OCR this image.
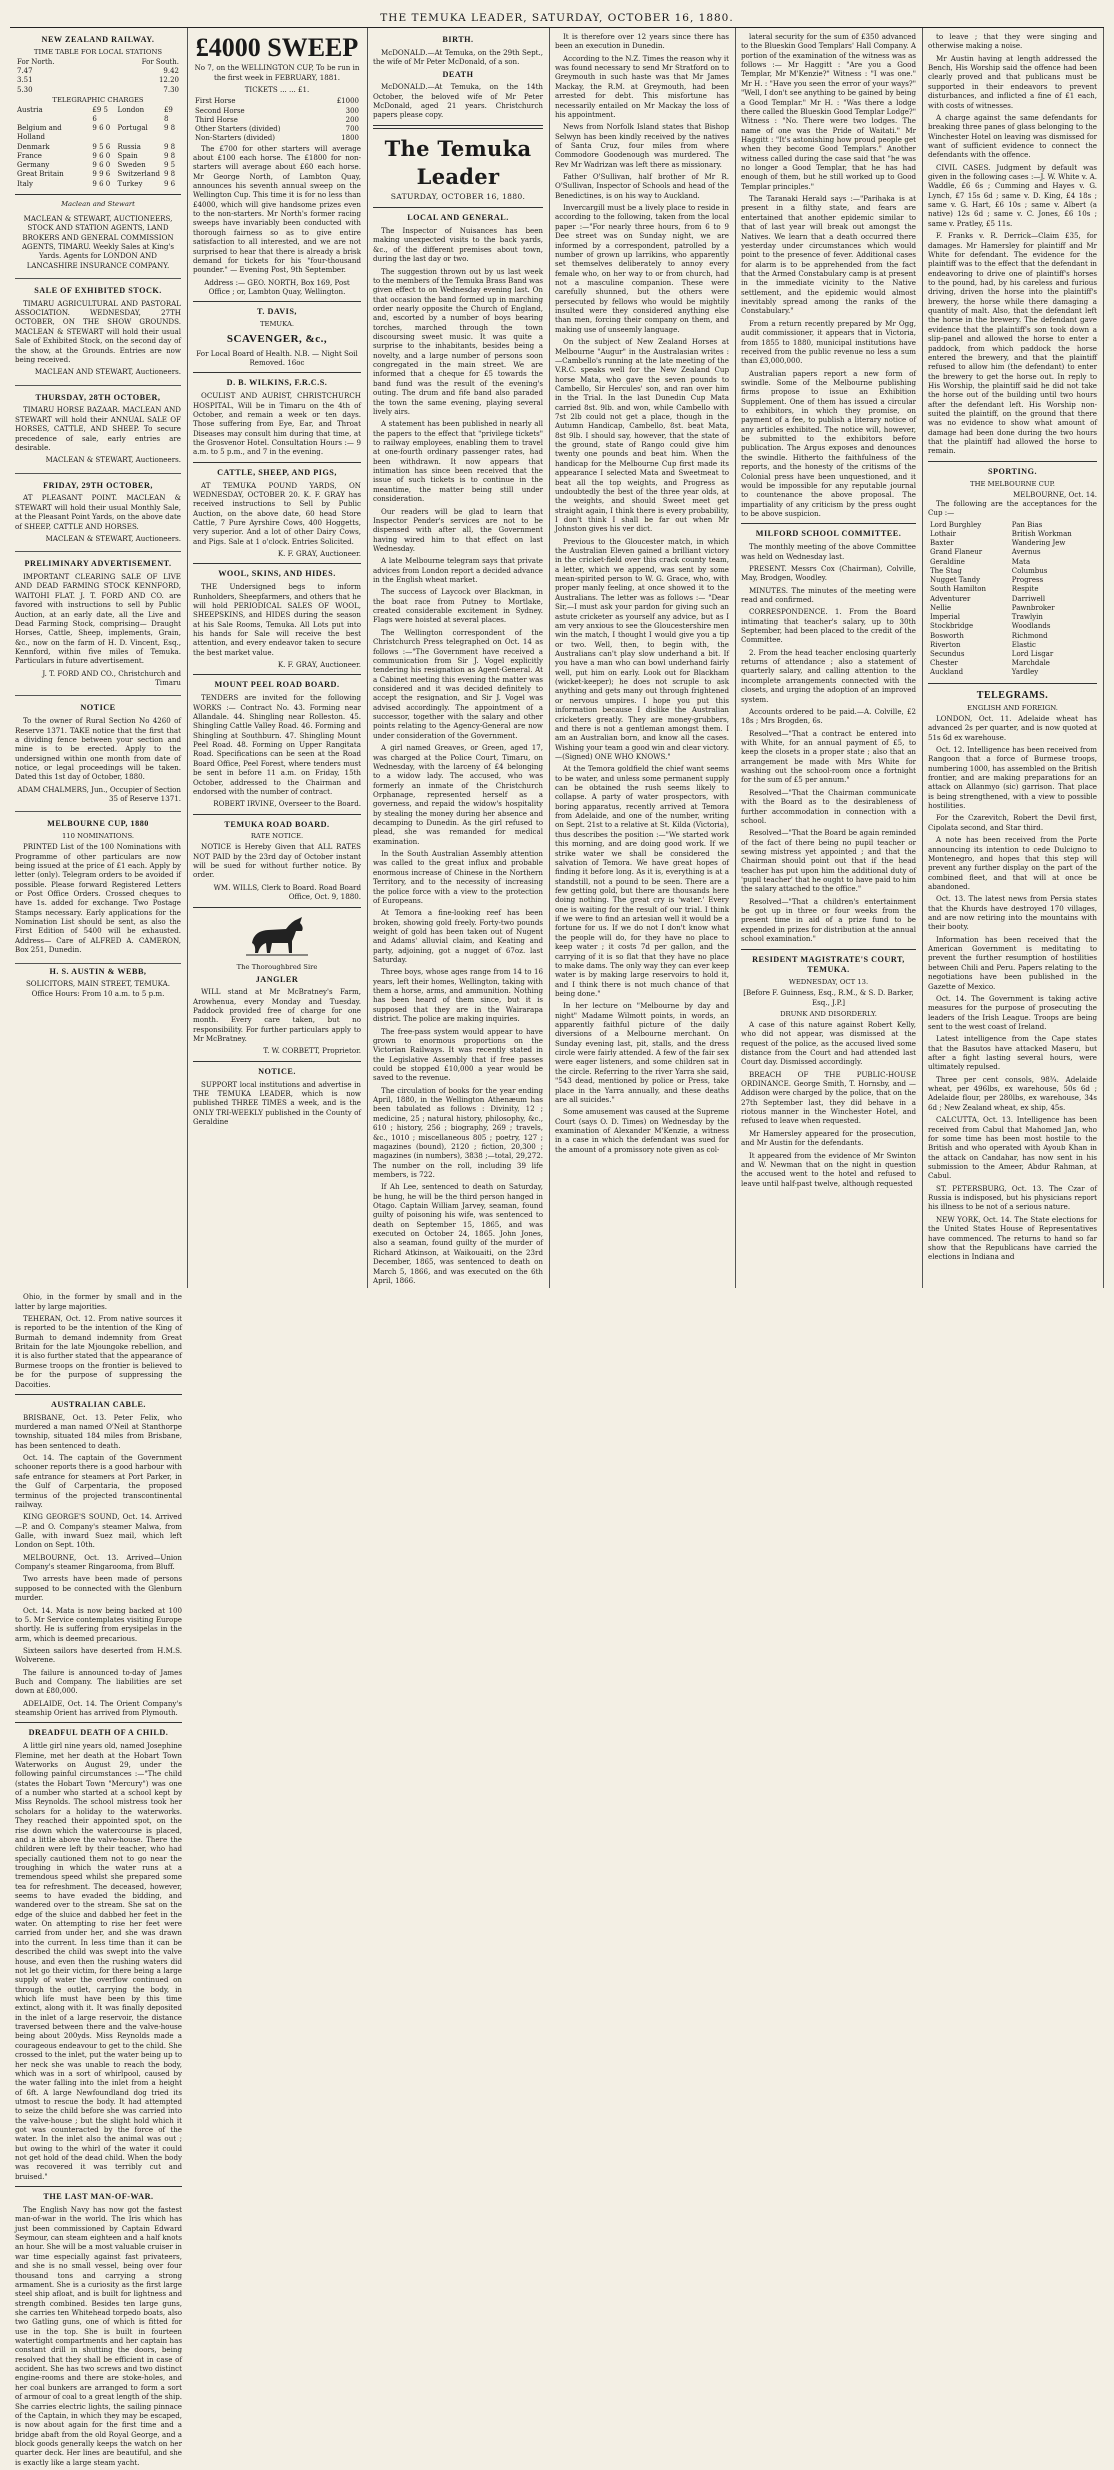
THE TEMUKA LEADER, SATURDAY, OCTOBER 16, 1880.
NEW ZEALAND RAILWAY.
TIME TABLE FOR LOCAL STATIONS
For North.	For South.
7.47	9.42
3.51	12.20
5.30	7.30
TELEGRAPHIC CHARGES
Austria	£9 5 6	London	£9 8
Belgium and Holland	9 6 0	Portugal	9 8
Denmark	9 5 6	Russia	9 8
France	9 6 0	Spain	9 8
Germany	9 6 0	Sweden	9 5
Great Britain	9 9 6	Switzerland	9 8
Italy	9 6 0	Turkey	9 6
Maclean and Stewart

MACLEAN & STEWART, AUCTIONEERS, STOCK AND STATION AGENTS, LAND BROKERS AND GENERAL COMMISSION AGENTS, TIMARU. Weekly Sales at King's Yards. Agents for LONDON AND LANCASHIRE INSURANCE COMPANY.

SALE OF EXHIBITED STOCK.

TIMARU AGRICULTURAL AND PASTORAL ASSOCIATION. WEDNESDAY, 27TH OCTOBER, ON THE SHOW GROUNDS. MACLEAN & STEWART will hold their usual Sale of Exhibited Stock, on the second day of the show, at the Grounds. Entries are now being received.

MACLEAN AND STEWART, Auctioneers.

THURSDAY, 28TH OCTOBER,

TIMARU HORSE BAZAAR. MACLEAN AND STEWART will hold their ANNUAL SALE OF HORSES, CATTLE, AND SHEEP. To secure precedence of sale, early entries are desirable.

MACLEAN & STEWART, Auctioneers.

FRIDAY, 29TH OCTOBER,

AT PLEASANT POINT. MACLEAN & STEWART will hold their usual Monthly Sale, at the Pleasant Point Yards, on the above date of SHEEP, CATTLE AND HORSES.

MACLEAN & STEWART, Auctioneers.

PRELIMINARY ADVERTISEMENT.

IMPORTANT CLEARING SALE OF LIVE AND DEAD FARMING STOCK KENNFORD, WAITOHI FLAT. J. T. FORD AND CO. are favored with instructions to sell by Public Auction, at an early date, all the Live and Dead Farming Stock, comprising— Draught Horses, Cattle, Sheep, implements, Grain, &c., now on the farm of H. D. Vincent, Esq., Kennford, within five miles of Temuka. Particulars in future advertisement.

J. T. FORD AND CO., Christchurch and Timaru

NOTICE

To the owner of Rural Section No 4260 of Reserve 1371. TAKE notice that the first that a dividing fence between your section and mine is to be erected. Apply to the undersigned within one month from date of notice, or legal proceedings will be taken. Dated this 1st day of October, 1880.

ADAM CHALMERS, Jun., Occupier of Section 35 of Reserve 1371.

MELBOURNE CUP, 1880
110 NOMINATIONS.

PRINTED List of the 100 Nominations with Programme of other particulars are now being issued at the price of £1 each. Apply by letter (only). Telegram orders to be avoided if possible. Please forward Registered Letters or Post Office Orders. Crossed cheques to have 1s. added for exchange. Two Postage Stamps necessary. Early applications for the Nomination List should be sent, as also the First Edition of 5400 will be exhausted. Address— Care of ALFRED A. CAMERON, Box 251, Dunedin.

H. S. AUSTIN & WEBB,

SOLICITORS, MAIN STREET, TEMUKA. Office Hours: From 10 a.m. to 5 p.m.

£4000 SWEEP

No 7, on the WELLINGTON CUP, To be run in the first week in FEBRUARY, 1881.

TICKETS ... ... £1.

First Horse	£1000
Second Horse	300
Third Horse	200
Other Starters (divided)	700
Non-Starters (divided)	1800

The £700 for other starters will average about £100 each horse. The £1800 for non-starters will average about £60 each horse. Mr George North, of Lambton Quay, announces his seventh annual sweep on the Wellington Cup. This time it is for no less than £4000, which will give handsome prizes even to the non-starters. Mr North's former racing sweeps have invariably been conducted with thorough fairness so as to give entire satisfaction to all interested, and we are not surprised to hear that there is already a brisk demand for tickets for his "four-thousand pounder." — Evening Post, 9th September.

Address :— GEO. NORTH, Box 169, Post Office ; or, Lambton Quay, Wellington.

T. DAVIS,
TEMUKA.
SCAVENGER, &c.,

For Local Board of Health. N.B. — Night Soil Removed. 16oc

D. B. WILKINS, F.R.C.S.

OCULIST AND AURIST, CHRISTCHURCH HOSPITAL, Will be in Timaru on the 4th of October, and remain a week or ten days. Those suffering from Eye, Ear, and Throat Diseases may consult him during that time, at the Grosvenor Hotel. Consultation Hours :— 9 a.m. to 5 p.m., and 7 in the evening.

CATTLE, SHEEP, AND PIGS,

AT TEMUKA POUND YARDS, ON WEDNESDAY, OCTOBER 20. K. F. GRAY has received instructions to Sell by Public Auction, on the above date, 60 head Store Cattle, 7 Pure Ayrshire Cows, 400 Hoggetts, very superior. And a lot of other Dairy Cows, and Pigs. Sale at 1 o'clock. Entries Solicited.

K. F. GRAY, Auctioneer.

WOOL, SKINS, AND HIDES.

THE Undersigned begs to inform Runholders, Sheepfarmers, and others that he will hold PERIODICAL SALES OF WOOL, SHEEPSKINS, and HIDES during the season at his Sale Rooms, Temuka. All Lots put into his hands for Sale will receive the best attention, and every endeavor taken to secure the best market value.

K. F. GRAY, Auctioneer.

MOUNT PEEL ROAD BOARD.

TENDERS are invited for the following WORKS :— Contract No. 43. Forming near Allandale. 44. Shingling near Rolleston. 45. Shingling Cattle Valley Road. 46. Forming and Shingling at Southburn. 47. Shingling Mount Peel Road. 48. Forming on Upper Rangitata Road. Specifications can be seen at the Road Board Office, Peel Forest, where tenders must be sent in before 11 a.m. on Friday, 15th October, addressed to the Chairman and endorsed with the number of contract.

ROBERT IRVINE, Overseer to the Board.

TEMUKA ROAD BOARD.
RATE NOTICE.

NOTICE is Hereby Given that ALL RATES NOT PAID by the 23rd day of October instant will be sued for without further notice. By order.

WM. WILLS, Clerk to Board. Road Board Office, Oct. 9, 1880.

The Thoroughbred Sire
JANGLER

WILL stand at Mr McBratney's Farm, Arowhenua, every Monday and Tuesday. Paddock provided free of charge for one month. Every care taken, but no responsibility. For further particulars apply to Mr McBratney.

T. W. CORBETT, Proprietor.

NOTICE.

SUPPORT local institutions and advertise in THE TEMUKA LEADER, which is now published THREE TIMES a week, and is the ONLY TRI-WEEKLY published in the County of Geraldine

BIRTH.

McDONALD.—At Temuka, on the 29th Sept., the wife of Mr Peter McDonald, of a son.

DEATH

McDONALD.—At Temuka, on the 14th October, the beloved wife of Mr Peter McDonald, aged 21 years. Christchurch papers please copy.

The Temuka Leader
SATURDAY, OCTOBER 16, 1880.
LOCAL AND GENERAL.

The Inspector of Nuisances has been making unexpected visits to the back yards, &c., of the different premises about town, during the last day or two.

The suggestion thrown out by us last week to the members of the Temuka Brass Band was given effect to on Wednesday evening last. On that occasion the band formed up in marching order nearly opposite the Church of England, and, escorted by a number of boys bearing torches, marched through the town discoursing sweet music. It was quite a surprise to the inhabitants, besides being a novelty, and a large number of persons soon congregated in the main street. We are informed that a cheque for £5 towards the band fund was the result of the evening's outing. The drum and fife band also paraded the town the same evening, playing several lively airs.

A statement has been published in nearly all the papers to the effect that "privilege tickets" to railway employees, enabling them to travel at one-fourth ordinary passenger rates, had been withdrawn. It now appears that intimation has since been received that the issue of such tickets is to continue in the meantime, the matter being still under consideration.

Our readers will be glad to learn that Inspector Pender's services are not to be dispensed with after all, the Government having wired him to that effect on last Wednesday.

A late Melbourne telegram says that private advices from London report a decided advance in the English wheat market.

The success of Laycock over Blackman, in the boat race from Putney to Mortlake, created considerable excitement in Sydney. Flags were hoisted at several places.

The Wellington correspondent of the Christchurch Press telegraphed on Oct. 14 as follows :—"The Government have received a communication from Sir J. Vogel explicitly tendering his resignation as Agent-General. At a Cabinet meeting this evening the matter was considered and it was decided definitely to accept the resignation, and Sir J. Vogel was advised accordingly. The appointment of a successor, together with the salary and other points relating to the Agency-General are now under consideration of the Government.

A girl named Greaves, or Green, aged 17, was charged at the Police Court, Timaru, on Wednesday, with the larceny of £4 belonging to a widow lady. The accused, who was formerly an inmate of the Christchurch Orphanage, represented herself as a governess, and repaid the widow's hospitality by stealing the money during her absence and decamping to Dunedin. As the girl refused to plead, she was remanded for medical examination.

In the South Australian Assembly attention was called to the great influx and probable enormous increase of Chinese in the Northern Territory, and to the necessity of increasing the police force with a view to the protection of Europeans.

At Temora a fine-looking reef has been broken, showing gold freely. Forty-two pounds weight of gold has been taken out of Nugent and Adams' alluvial claim, and Keating and party, adjoining, got a nugget of 67oz. last Saturday.

Three boys, whose ages range from 14 to 16 years, left their homes, Wellington, taking with them a horse, arms, and ammunition. Nothing has been heard of them since, but it is supposed that they are in the Wairarapa district. The police are making inquiries.

The free-pass system would appear to have grown to enormous proportions on the Victorian Railways. It was recently stated in the Legislative Assembly that if free passes could be stopped £10,000 a year would be saved to the revenue.

The circulation of books for the year ending April, 1880, in the Wellington Athenæum has been tabulated as follows : Divinity, 12 ; medicine, 25 ; natural history, philosophy, &c., 610 ; history, 256 ; biography, 269 ; travels, &c., 1010 ; miscellaneous 805 ; poetry, 127 ; magazines (bound), 2120 ; fiction, 20,300 ; magazines (in numbers), 3838 ;—total, 29,272. The number on the roll, including 39 life members, is 722.

If Ah Lee, sentenced to death on Saturday, be hung, he will be the third person hanged in Otago. Captain William Jarvey, seaman, found guilty of poisoning his wife, was sentenced to death on September 15, 1865, and was executed on October 24, 1865. John Jones, also a seaman, found guilty of the murder of Richard Atkinson, at Waikouaiti, on the 23rd December, 1865, was sentenced to death on March 5, 1866, and was executed on the 6th April, 1866.

It is therefore over 12 years since there has been an execution in Dunedin.

According to the N.Z. Times the reason why it was found necessary to send Mr Stratford on to Greymouth in such haste was that Mr James Mackay, the R.M. at Greymouth, had been arrested for debt. This misfortune has necessarily entailed on Mr Mackay the loss of his appointment.

News from Norfolk Island states that Bishop Selwyn has been kindly received by the natives of Santa Cruz, four miles from where Commodore Goodenough was murdered. The Rev Mr Wadrizan was left there as missionary.

Father O'Sullivan, half brother of Mr R. O'Sullivan, Inspector of Schools and head of the Benedictines, is on his way to Auckland.

Invercargill must be a lively place to reside in according to the following, taken from the local paper :—"For nearly three hours, from 6 to 9 Dee street was on Sunday night, we are informed by a correspondent, patrolled by a number of grown up larrikins, who apparently set themselves deliberately to annoy every female who, on her way to or from church, had not a masculine companion. These were carefully shunned, but the others were persecuted by fellows who would be mightily insulted were they considered anything else than men, forcing their company on them, and making use of unseemly language.

On the subject of New Zealand Horses at Melbourne "Augur" in the Australasian writes :—Cambello's running at the late meeting of the V.R.C. speaks well for the New Zealand Cup horse Mata, who gave the seven pounds to Cambello, Sir Hercules' son, and ran over him in the Trial. In the last Dunedin Cup Mata carried 8st. 9lb. and won, while Cambello with 7st 2lb could not get a place, though in the Autumn Handicap, Cambello, 8st. beat Mata, 8st 9lb. I should say, however, that the state of the ground, state of Rango could give him twenty one pounds and beat him. When the handicap for the Melbourne Cup first made its appearance I selected Mata and Sweetmeat to beat all the top weights, and Progress as undoubtedly the best of the three year olds, at the weights, and should Sweet meet get straight again, I think there is every probability, I don't think I shall be far out when Mr Johnston gives his ver dict.

Previous to the Gloucester match, in which the Australian Eleven gained a brilliant victory in the cricket-field over this crack county team, a letter, which we append, was sent by some mean-spirited person to W. G. Grace, who, with proper manly feeling, at once showed it to the Australians. The letter was as follows :— "Dear Sir,—I must ask your pardon for giving such an astute cricketer as yourself any advice, but as I am very anxious to see the Gloucestershire men win the match, I thought I would give you a tip or two. Well, then, to begin with, the Australians can't play slow underhand a bit. If you have a man who can bowl underhand fairly well, put him on early. Look out for Blackham (wicket-keeper); he does not scruple to ask anything and gets many out through frightened or nervous umpires. I hope you put this information because I dislike the Australian cricketers greatly. They are money-grubbers, and there is not a gentleman amongst them. I am an Australian born, and know all the cases. Wishing your team a good win and clear victory.—(Signed) ONE WHO KNOWS."

At the Temora goldfield the chief want seems to be water, and unless some permanent supply can be obtained the rush seems likely to collapse. A party of water prospectors, with boring apparatus, recently arrived at Temora from Adelaide, and one of the number, writing on Sept. 21st to a relative at St. Kilda (Victoria), thus describes the position :—"We started work this morning, and are doing good work. If we strike water we shall be considered the salvation of Temora. We have great hopes of finding it before long. As it is, everything is at a standstill, not a pound to be seen. There are a few getting gold, but there are thousands here doing nothing. The great cry is 'water.' Every one is waiting for the result of our trial. I think if we were to find an artesian well it would be a fortune for us. If we do not I don't know what the people will do, for they have no place to keep water ; it costs 7d per gallon, and the carrying of it is so flat that they have no place to make dams. The only way they can ever keep water is by making large reservoirs to hold it, and I think there is not much chance of that being done."

In her lecture on "Melbourne by day and night" Madame Wilmott points, in words, an apparently faithful picture of the daily diversions of a Melbourne merchant. On Sunday evening last, pit, stalls, and the dress circle were fairly attended. A few of the fair sex were eager listeners, and some children sat in the circle. Referring to the river Yarra she said, "543 dead, mentioned by police or Press, take place in the Yarra annually, and these deaths are all suicides."

Some amusement was caused at the Supreme Court (says O. D. Times) on Wednesday by the examination of Alexander M'Kenzie, a witness in a case in which the defendant was sued for the amount of a promissory note given as col-

lateral security for the sum of £350 advanced to the Blueskin Good Templars' Hall Company. A portion of the examination of the witness was as follows :— Mr Haggitt : "Are you a Good Templar, Mr M'Kenzie?" Witness : "I was one." Mr H. : "Have you seen the error of your ways?" "Well, I don't see anything to be gained by being a Good Templar." Mr H. : "Was there a lodge there called the Blueskin Good Templar Lodge?" Witness : "No. There were two lodges. The name of one was the Pride of Waitati." Mr Haggitt : "It's astonishing how proud people get when they become Good Templars." Another witness called during the case said that "he was no longer a Good Templar, that he has had enough of them, but he still worked up to Good Templar principles."

The Taranaki Herald says :—"Parihaka is at present in a filthy state, and fears are entertained that another epidemic similar to that of last year will break out amongst the Natives. We learn that a death occurred there yesterday under circumstances which would point to the presence of fever. Additional cases for alarm is to be apprehended from the fact that the Armed Constabulary camp is at present in the immediate vicinity to the Native settlement, and the epidemic would almost inevitably spread among the ranks of the Constabulary."

From a return recently prepared by Mr Ogg, audit commissioner, it appears that in Victoria, from 1855 to 1880, municipal institutions have received from the public revenue no less a sum than £3,000,000.

Australian papers report a new form of swindle. Some of the Melbourne publishing firms propose to issue an Exhibition Supplement. One of them has issued a circular to exhibitors, in which they promise, on payment of a fee, to publish a literary notice of any articles exhibited. The notice will, however, be submitted to the exhibitors before publication. The Argus exposes and denounces the swindle. Hitherto the faithfulness of the reports, and the honesty of the critisms of the Colonial press have been unquestioned, and it would be impossible for any reputable journal to countenance the above proposal. The impartiality of any criticism by the press ought to be above suspicion.

MILFORD SCHOOL COMMITTEE.

The monthly meeting of the above Committee was held on Wednesday last.

PRESENT. Messrs Cox (Chairman), Colville, May, Brodgen, Woodley.

MINUTES. The minutes of the meeting were read and confirmed.

CORRESPONDENCE. 1. From the Board intimating that teacher's salary, up to 30th September, had been placed to the credit of the Committee.

2. From the head teacher enclosing quarterly returns of attendance ; also a statement of quarterly salary, and calling attention to the incomplete arrangements connected with the closets, and urging the adoption of an improved system.

Accounts ordered to be paid.—A. Colville, £2 18s ; Mrs Brogden, 6s.

Resolved—"That a contract be entered into with White, for an annual payment of £5, to keep the closets in a proper state ; also that an arrangement be made with Mrs White for washing out the school-room once a fortnight for the sum of £5 per annum."

Resolved—"That the Chairman communicate with the Board as to the desirableness of further accommodation in connection with a school.

Resolved—"That the Board be again reminded of the fact of there being no pupil teacher or sewing mistress yet appointed ; and that the Chairman should point out that if the head teacher has put upon him the additional duty of 'pupil teacher' that he ought to have paid to him the salary attached to the office."

Resolved—"That a children's entertainment be got up in three or four weeks from the present time in aid of a prize fund to be expended in prizes for distribution at the annual school examination."

RESIDENT MAGISTRATE'S COURT, TEMUKA.
WEDNESDAY, OCT 13.

[Before F. Guinness, Esq., R.M., & S. D. Barker, Esq., J.P.]

DRUNK AND DISORDERLY.

A case of this nature against Robert Kelly, who did not appear, was dismissed at the request of the police, as the accused lived some distance from the Court and had attended last Court day. Dismissed accordingly.

BREACH OF THE PUBLIC-HOUSE ORDINANCE. George Smith, T. Hornsby, and — Addison were charged by the police, that on the 27th September last, they did behave in a riotous manner in the Winchester Hotel, and refused to leave when requested.

Mr Hamersley appeared for the prosecution, and Mr Austin for the defendants.

It appeared from the evidence of Mr Swinton and W. Newman that on the night in question the accused went to the hotel and refused to leave until half-past twelve, although requested

to leave ; that they were singing and otherwise making a noise.

Mr Austin having at length addressed the Bench, His Worship said the offence had been clearly proved and that publicans must be supported in their endeavors to prevent disturbances, and inflicted a fine of £1 each, with costs of witnesses.

A charge against the same defendants for breaking three panes of glass belonging to the Winchester Hotel on leaving was dismissed for want of sufficient evidence to connect the defendants with the offence.

CIVIL CASES. Judgment by default was given in the following cases :—J. W. White v. A. Waddle, £6 6s ; Cumming and Hayes v. G. Lynch, £7 15s 6d ; same v. D. King, £4 18s ; same v. G. Hart, £6 10s ; same v. Albert (a native) 12s 6d ; same v. C. Jones, £6 10s ; same v. Pratley, £5 11s.

F. Franks v. R. Derrick—Claim £35, for damages. Mr Hamersley for plaintiff and Mr White for defendant. The evidence for the plaintiff was to the effect that the defendant in endeavoring to drive one of plaintiff's horses to the pound, had, by his careless and furious driving, driven the horse into the plaintiff's brewery, the horse while there damaging a quantity of malt. Also, that the defendant left the horse in the brewery. The defendant gave evidence that the plaintiff's son took down a slip-panel and allowed the horse to enter a paddock, from which paddock the horse entered the brewery, and that the plaintiff refused to allow him (the defendant) to enter the brewery to get the horse out. In reply to His Worship, the plaintiff said he did not take the horse out of the building until two hours after the defendant left. His Worship non-suited the plaintiff, on the ground that there was no evidence to show what amount of damage had been done during the two hours that the plaintiff had allowed the horse to remain.

SPORTING.
THE MELBOURNE CUP.
MELBOURNE, Oct. 14.

The following are the acceptances for the Cup :—

Lord Burghley	Pan Bias
Lothair	British Workman
Baxter	Wandering Jew
Grand Flaneur	Avernus
Geraldine	Mata
The Stag	Columbus
Nugget Tandy	Progress
South Hamilton	Respite
Adventurer	Darriwell
Nellie	Pawnbroker
Imperial	Trawlyin
Stockbridge	Woodlands
Bosworth	Richmond
Riverton	Elastic
Secundus	Lord Lisgar
Chester	Marchdale
Auckland	Yardley
TELEGRAMS.
ENGLISH AND FOREIGN.

LONDON, Oct. 11. Adelaide wheat has advanced 2s per quarter, and is now quoted at 51s 6d ex warehouse.

Oct. 12. Intelligence has been received from Rangoon that a force of Burmese troops, numbering 1000, has assembled on the British frontier, and are making preparations for an attack on Allanmyo (sic) garrison. That place is being strengthened, with a view to possible hostilities.

For the Czarevitch, Robert the Devil first, Cipolata second, and Star third.

A note has been received from the Porte announcing its intention to cede Dulcigno to Montenegro, and hopes that this step will prevent any further display on the part of the combined fleet, and that will at once be abandoned.

Oct. 13. The latest news from Persia states that the Khurds have destroyed 170 villages, and are now retiring into the mountains with their booty.

Information has been received that the American Government is meditating to prevent the further resumption of hostilities between Chili and Peru. Papers relating to the negotiations have been published in the Gazette of Mexico.

Oct. 14. The Government is taking active measures for the purpose of prosecuting the leaders of the Irish League. Troops are being sent to the west coast of Ireland.

Latest intelligence from the Cape states that the Basutos have attacked Maseru, but after a fight lasting several hours, were ultimately repulsed.

Three per cent consols, 98¾. Adelaide wheat, per 496lbs, ex warehouse, 50s 6d ; Adelaide flour, per 280lbs, ex warehouse, 34s 6d ; New Zealand wheat, ex ship, 45s.

CALCUTTA, Oct. 13. Intelligence has been received from Cabul that Mahomed Jan, who for some time has been most hostile to the British and who operated with Ayoub Khan in the attack on Candahar, has now sent in his submission to the Ameer, Abdur Rahman, at Cabul.

ST. PETERSBURG, Oct. 13. The Czar of Russia is indisposed, but his physicians report his illness to be not of a serious nature.

NEW YORK, Oct. 14. The State elections for the United States House of Representatives have commenced. The returns to hand so far show that the Republicans have carried the elections in Indiana and

Ohio, in the former by small and in the latter by large majorities.

TEHERAN, Oct. 12. From native sources it is reported to be the intention of the King of Burmah to demand indemnity from Great Britain for the late Mjoungoke rebellion, and it is also further stated that the appearance of Burmese troops on the frontier is believed to be for the purpose of suppressing the Dacoities.

AUSTRALIAN CABLE.

BRISBANE, Oct. 13. Peter Felix, who murdered a man named O'Neil at Stanthorpe township, situated 184 miles from Brisbane, has been sentenced to death.

Oct. 14. The captain of the Government schooner reports there is a good harbour with safe entrance for steamers at Port Parker, in the Gulf of Carpentaria, the proposed terminus of the projected transcontinental railway.

KING GEORGE'S SOUND, Oct. 14. Arrived—P. and O. Company's steamer Malwa, from Galle, with inward Suez mail, which left London on Sept. 10th.

MELBOURNE, Oct. 13. Arrived—Union Company's steamer Ringarooma, from Bluff.

Two arrests have been made of persons supposed to be connected with the Glenburn murder.

Oct. 14. Mata is now being backed at 100 to 5. Mr Service contemplates visiting Europe shortly. He is suffering from erysipelas in the arm, which is deemed precarious.

Sixteen sailors have deserted from H.M.S. Wolverene.

The failure is announced to-day of James Buch and Company. The liabilities are set down at £80,000.

ADELAIDE, Oct. 14. The Orient Company's steamship Orient has arrived from Plymouth.

DREADFUL DEATH OF A CHILD.

A little girl nine years old, named Josephine Flemine, met her death at the Hobart Town Waterworks on August 29, under the following painful circumstances :—"The child (states the Hobart Town "Mercury") was one of a number who started at a school kept by Miss Reynolds. The school mistress took her scholars for a holiday to the waterworks. They reached their appointed spot, on the rise down which the watercourse is placed, and a little above the valve-house. There the children were left by their teacher, who had specially cautioned them not to go near the troughing in which the water runs at a tremendous speed whilst she prepared some tea for refreshment. The deceased, however, seems to have evaded the bidding, and wandered over to the stream. She sat on the edge of the sluice and dabbed her feet in the water. On attempting to rise her feet were carried from under her, and she was drawn into the current. In less time than it can be described the child was swept into the valve house, and even then the rushing waters did not let go their victim, for there being a large supply of water the overflow continued on through the outlet, carrying the body, in which life must have been by this time extinct, along with it. It was finally deposited in the inlet of a large reservoir, the distance traversed between there and the valve-house being about 200yds. Miss Reynolds made a courageous endeavour to get to the child. She crossed to the inlet, put the water being up to her neck she was unable to reach the body, which was in a sort of whirlpool, caused by the water falling into the inlet from a height of 6ft. A large Newfoundland dog tried its utmost to rescue the body. It had attempted to seize the child before she was carried into the valve-house ; but the slight hold which it got was counteracted by the force of the water. In the inlet also the animal was out ; but owing to the whirl of the water it could not get hold of the dead child. When the body was recovered it was terribly cut and bruised."

THE LAST MAN-OF-WAR.

The English Navy has now got the fastest man-of-war in the world. The Iris which has just been commissioned by Captain Edward Seymour, can steam eighteen and a half knots an hour. She will be a most valuable cruiser in war time especially against fast privateers, and she is no small vessel, being over four thousand tons and carrying a strong armament. She is a curiosity as the first large steel ship afloat, and is built for lightness and strength combined. Besides ten large guns, she carries ten Whitehead torpedo boats, also two Gatling guns, one of which is fitted for use in the top. She is built in fourteen watertight compartments and her captain has constant drill in shutting the doors, being resolved that they shall be efficient in case of accident. She has two screws and two distinct engine-rooms and there are stoke-holes, and her coal bunkers are arranged to form a sort of armour of coal to a great length of the ship. She carries electric lights, the sailing pinnace of the Captain, in which they may be escaped, is now about again for the first time and a bridge abaft from the old Royal George, and a block goods generally keeps the watch on her quarter deck. Her lines are beautiful, and she is exactly like a large steam yacht.
